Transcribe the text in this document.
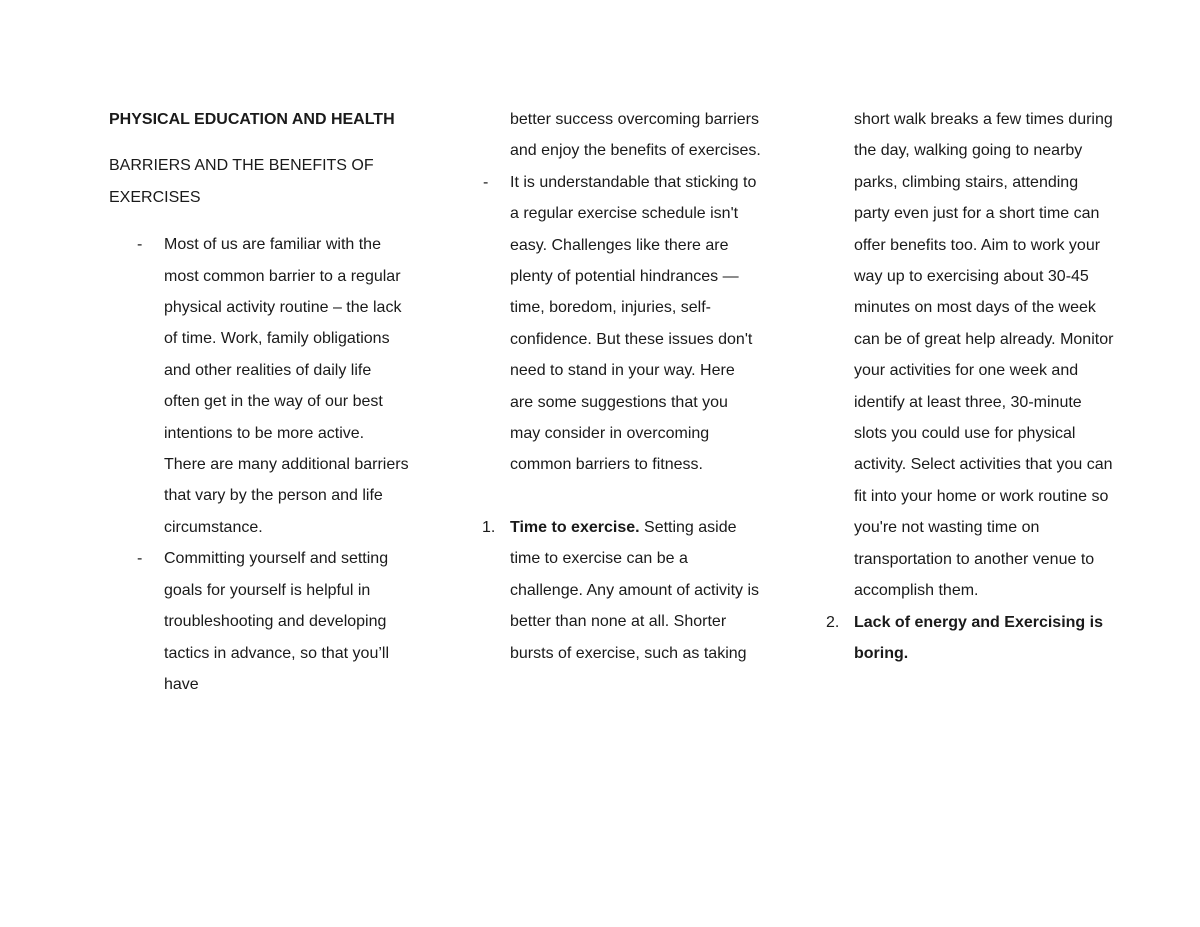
PHYSICAL EDUCATION AND HEALTH

BARRIERS AND THE BENEFITS OF EXERCISES

- Most of us are familiar with the most common barrier to a regular physical activity routine – the lack of time. Work, family obligations and other realities of daily life often get in the way of our best intentions to be more active. There are many additional barriers that vary by the person and life circumstance.
- Committing yourself and setting goals for yourself is helpful in troubleshooting and developing tactics in advance, so that you’ll have

better success overcoming barriers and enjoy the benefits of exercises.

- It is understandable that sticking to a regular exercise schedule isn't easy. Challenges like there are plenty of potential hindrances — time, boredom, injuries, self-confidence. But these issues don't need to stand in your way. Here are some suggestions that you may consider in overcoming common barriers to fitness.

1. Time to exercise. Setting aside time to exercise can be a challenge. Any amount of activity is better than none at all. Shorter bursts of exercise, such as taking

short walk breaks a few times during the day, walking going to nearby parks, climbing stairs, attending party even just for a short time can offer benefits too. Aim to work your way up to exercising about 30-45 minutes on most days of the week can be of great help already. Monitor your activities for one week and identify at least three, 30-minute slots you could use for physical activity. Select activities that you can fit into your home or work routine so you're not wasting time on transportation to another venue to accomplish them.

2. Lack of energy and Exercising is boring.
